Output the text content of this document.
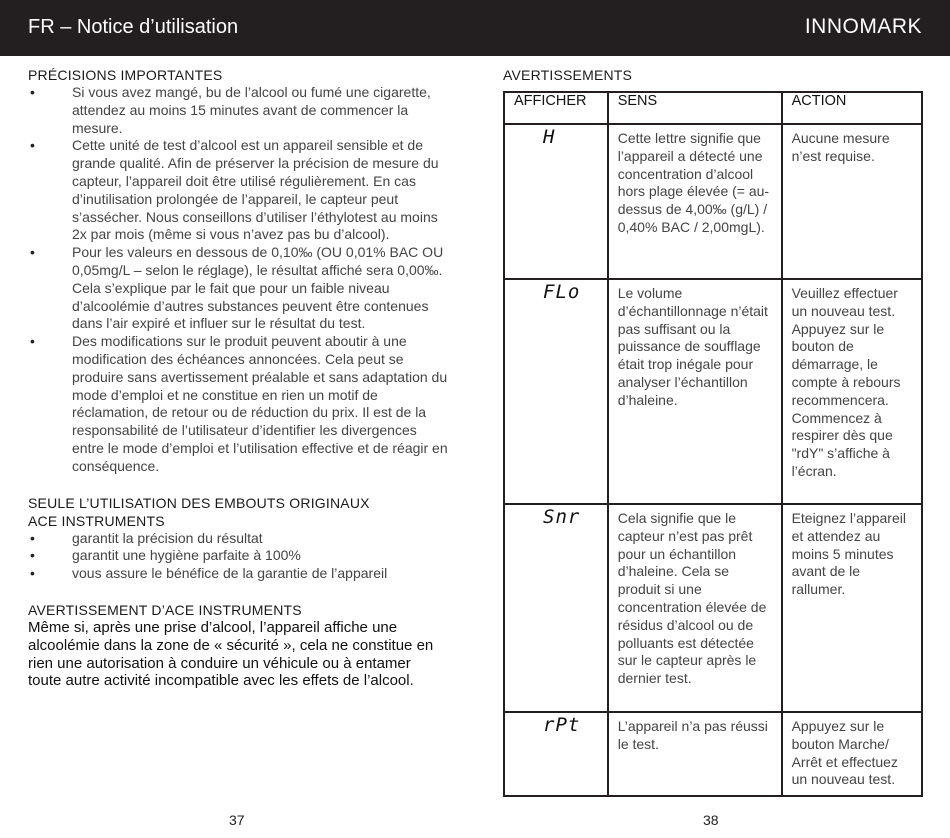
FR – Notice d’utilisation	INNOMARK
PRÉCISIONS IMPORTANTES
•	Si vous avez mangé, bu de l’alcool ou fumé une cigarette, attendez au moins 15 minutes avant de commencer la mesure.
•	Cette unité de test d’alcool est un appareil sensible et de grande qualité. Afin de préserver la précision de mesure du capteur, l’appareil doit être utilisé régulièrement. En cas d’inutilisation prolongée de l’appareil, le capteur peut s’assécher. Nous conseillons d’utiliser l’éthylotest au moins 2x par mois (même si vous n’avez pas bu d’alcool).
•	Pour les valeurs en dessous de 0,10‰ (OU 0,01% BAC OU 0,05mg/L – selon le réglage), le résultat affiché sera 0,00‰. Cela s’explique par le fait que pour un faible niveau d’alcoolémie d’autres substances peuvent être contenues dans l’air expiré et influer sur le résultat du test.
•	Des modifications sur le produit peuvent aboutir à une modification des échéances annoncées. Cela peut se produire sans avertissement préalable et sans adaptation du mode d’emploi et ne constitue en rien un motif de réclamation, de retour ou de réduction du prix. Il est de la responsabilité de l’utilisateur d’identifier les divergences entre le mode d’emploi et l’utilisation effective et de réagir en conséquence.
SEULE L’UTILISATION DES EMBOUTS ORIGINAUX
ACE INSTRUMENTS
•	garantit la précision du résultat
•	garantit une hygiène parfaite à 100%
•	vous assure le bénéfice de la garantie de l’appareil
AVERTISSEMENT D’ACE INSTRUMENTS
Même si, après une prise d’alcool, l’appareil affiche une alcoolémie dans la zone de « sécurité », cela ne constitue en rien une autorisation à conduire un véhicule ou à entamer toute autre activité incompatible avec les effets de l’alcool.
AVERTISSEMENTS
AFFICHER	SENS	ACTION
H	Cette lettre signifie que l’appareil a détecté une concentration d’alcool hors plage élevée (= au-dessus de 4,00‰ (g/L) / 0,40% BAC / 2,00mgL).	Aucune mesure n’est requise.
FLo	Le volume d’échantillonnage n’était pas suffisant ou la puissance de soufflage était trop inégale pour analyser l’échantillon d’haleine.	Veuillez effectuer un nouveau test. Appuyez sur le bouton de démarrage, le compte à rebours recommencera. Commencez à respirer dès que "rdY" s’affiche à l’écran.
Snr	Cela signifie que le capteur n’est pas prêt pour un échantillon d’haleine. Cela se produit si une concentration élevée de résidus d’alcool ou de polluants est détectée sur le capteur après le dernier test.	Eteignez l’appareil et attendez au moins 5 minutes avant de le rallumer.
rPt	L’appareil n’a pas réussi le test.	Appuyez sur le bouton Marche/ Arrêt et effectuez un nouveau test.
37	38
